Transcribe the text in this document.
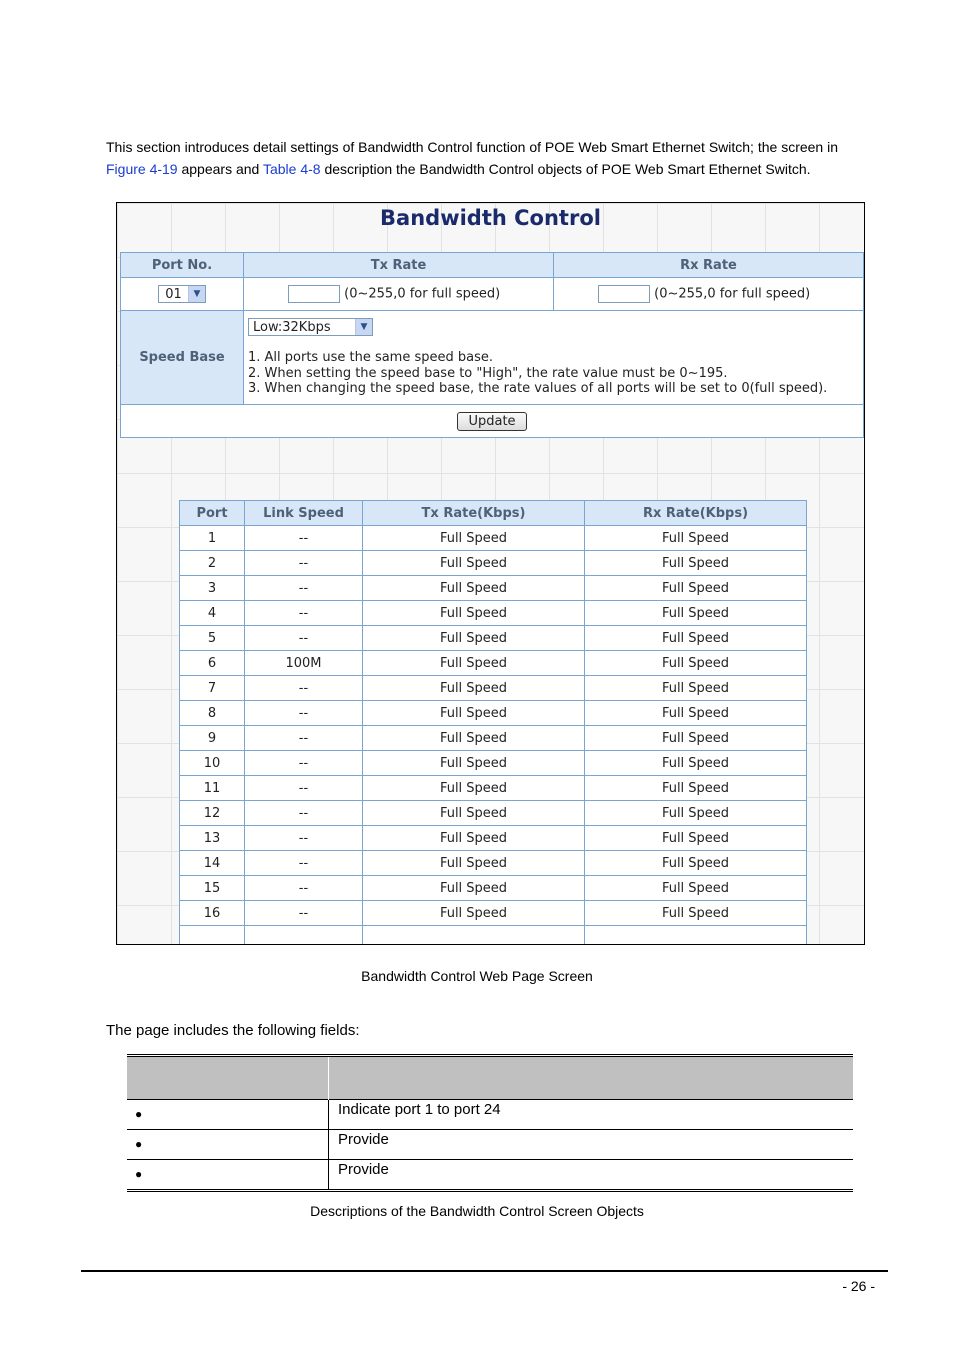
This section introduces detail settings of Bandwidth Control function of POE Web Smart Ethernet Switch; the screen in
Figure 4-19 appears and Table 4-8 description the Bandwidth Control objects of POE Web Smart Ethernet Switch.
Bandwidth Control
Port No.	Tx Rate	Rx Rate

01 ▼	(0~255,0 for full speed)	(0~255,0 for full speed)
Speed Base	Low:32Kbps ▼
1. All ports use the same speed base.
2. When setting the speed base to "High", the rate value must be 0~195.
3. When changing the speed base, the rate values of all ports will be set to 0(full speed).	

Update		
Port	Link Speed	Tx Rate(Kbps)	Rx Rate(Kbps)
1	--	Full Speed	Full Speed
2	--	Full Speed	Full Speed
3	--	Full Speed	Full Speed
4	--	Full Speed	Full Speed
5	--	Full Speed	Full Speed
6	100M	Full Speed	Full Speed
7	--	Full Speed	Full Speed
8	--	Full Speed	Full Speed
9	--	Full Speed	Full Speed
10	--	Full Speed	Full Speed
11	--	Full Speed	Full Speed
12	--	Full Speed	Full Speed
13	--	Full Speed	Full Speed
14	--	Full Speed	Full Speed
15	--	Full Speed	Full Speed
16	--	Full Speed	Full Speed

Bandwidth Control Web Page Screen
The page includes the following fields:

●	Indicate port 1 to port 24
●	Provide
●	Provide
Descriptions of the Bandwidth Control Screen Objects
- 26 -
